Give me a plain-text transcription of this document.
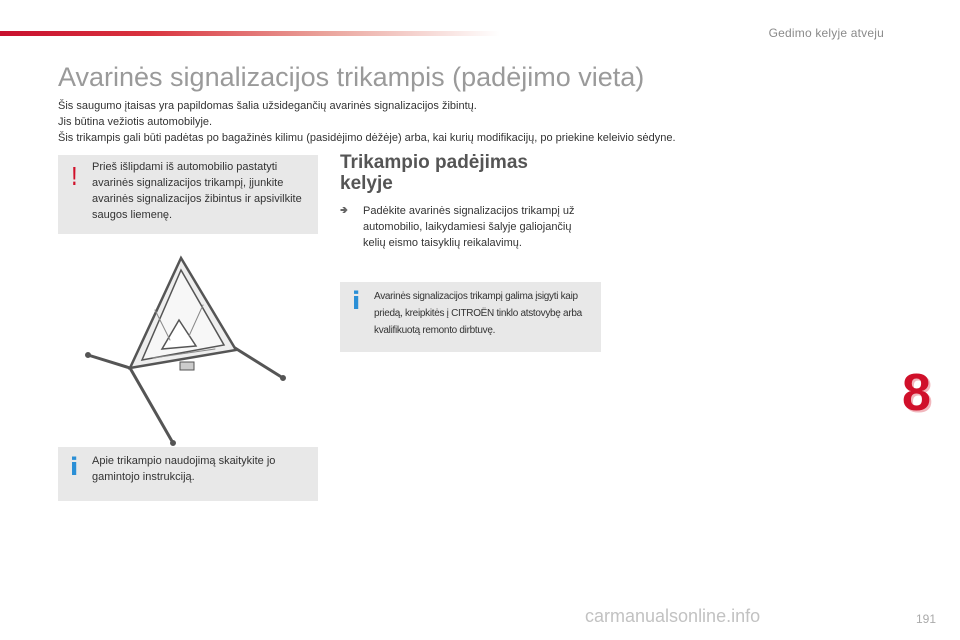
Gedimo kelyje atveju
Avarinės signalizacijos trikampis (padėjimo vieta)
Šis saugumo įtaisas yra papildomas šalia užsidegančių avarinės signalizacijos žibintų.
Jis būtina vežiotis automobilyje.
Šis trikampis gali būti padėtas po bagažinės kilimu (pasidėjimo dėžėje) arba, kai kurių modifikacijų, po priekine keleivio sėdyne.
! Prieš išlipdami iš automobilio pastatyti avarinės signalizacijos trikampį, įjunkite avarinės signalizacijos žibintus ir apsivilkite saugos liemenę.
i Apie trikampio naudojimą skaitykite jo gamintojo instrukciją.
Trikampio padėjimas kelyje
🢂 Padėkite avarinės signalizacijos trikampį už automobilio, laikydamiesi šalyje galiojančių kelių eismo taisyklių reikalavimų.
i Avarinės signalizacijos trikampį galima įsigyti kaip priedą, kreipkitės į CITROËN tinklo atstovybę arba kvalifikuotą remonto dirbtuvę.
8
carmanualsonline.info	191
